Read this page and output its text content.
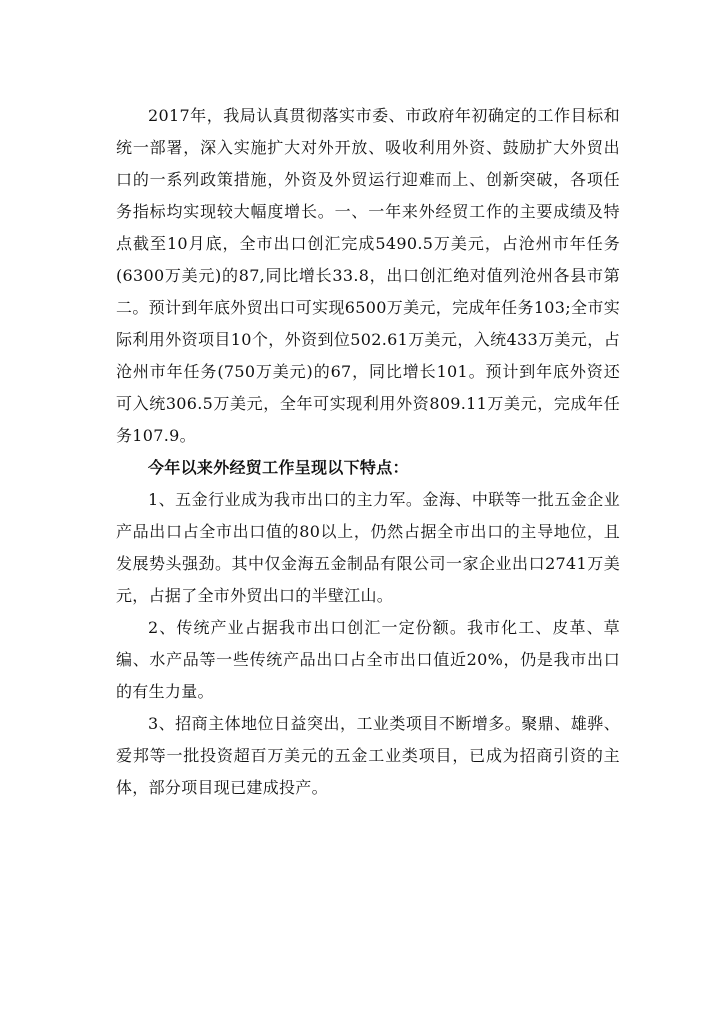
2017年，我局认真贯彻落实市委、市政府年初确定的工作目标和统一部署，深入实施扩大对外开放、吸收利用外资、鼓励扩大外贸出口的一系列政策措施，外资及外贸运行迎难而上、创新突破，各项任务指标均实现较大幅度增长。一、一年来外经贸工作的主要成绩及特点截至10月底，全市出口创汇完成5490.5万美元，占沧州市年任务(6300万美元)的87,同比增长33.8，出口创汇绝对值列沧州各县市第二。预计到年底外贸出口可实现6500万美元，完成年任务103;全市实际利用外资项目10个，外资到位502.61万美元，入统433万美元，占沧州市年任务(750万美元)的67，同比增长101。预计到年底外资还可入统306.5万美元，全年可实现利用外资809.11万美元，完成年任务107.9。

今年以来外经贸工作呈现以下特点：

1、五金行业成为我市出口的主力军。金海、中联等一批五金企业产品出口占全市出口值的80以上，仍然占据全市出口的主导地位，且发展势头强劲。其中仅金海五金制品有限公司一家企业出口2741万美元，占据了全市外贸出口的半壁江山。

2、传统产业占据我市出口创汇一定份额。我市化工、皮革、草编、水产品等一些传统产品出口占全市出口值近20%，仍是我市出口的有生力量。

3、招商主体地位日益突出，工业类项目不断增多。聚鼎、雄骅、爱邦等一批投资超百万美元的五金工业类项目，已成为招商引资的主体，部分项目现已建成投产。
